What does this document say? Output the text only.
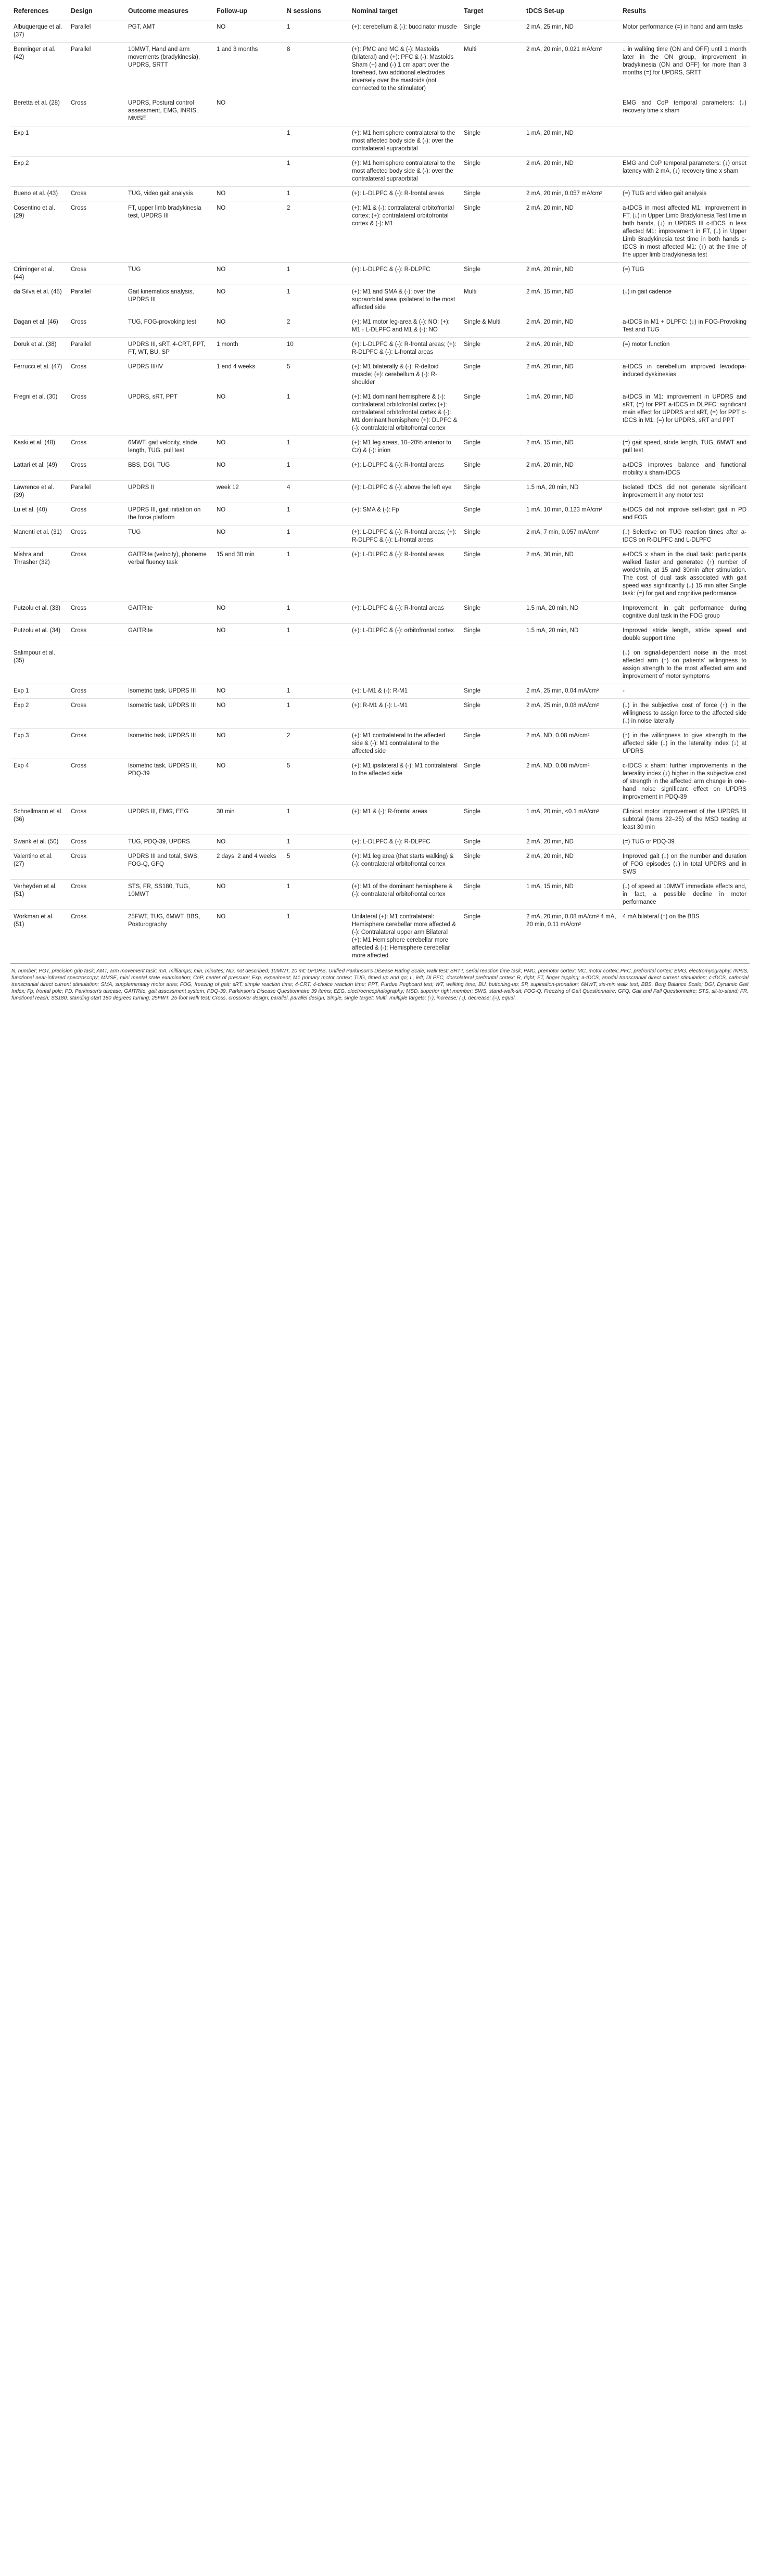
References	Design	Outcome measures	Follow-up	N sessions	Nominal target	Target	tDCS Set-up	Results
Albuquerque et al. (37)	Parallel	PGT, AMT	NO	1	(+): cerebellum & (-): buccinator muscle	Single	2 mA, 25 min, ND	Motor performance (=) in hand and arm tasks
Benninger et al. (42)	Parallel	10MWT, Hand and arm movements (bradykinesia), UPDRS, SRTT	1 and 3 months	8	(+): PMC and MC & (-): Mastoids (bilateral) and (+): PFC & (-): Mastoids Sham (+) and (-) 1 cm apart over the forehead, two additional electrodes inversely over the mastoids (not connected to the stimulator)	Multi	2 mA, 20 min, 0.021 mA/cm²	↓ in walking time (ON and OFF) until 1 month later in the ON group, improvement in bradykinesia (ON and OFF) for more than 3 months (=) for UPDRS, SRTT
Beretta et al. (28)	Cross	UPDRS, Postural control assessment, EMG, INRIS, MMSE	NO					EMG and CoP temporal parameters: (↓) recovery time x sham
Exp 1				1	(+): M1 hemisphere contralateral to the most affected body side & (-): over the contralateral supraorbital	Single	1 mA, 20 min, ND	
Exp 2				1	(+): M1 hemisphere contralateral to the most affected body side & (-): over the contralateral supraorbital	Single	2 mA, 20 min, ND	EMG and CoP temporal parameters: (↓) onset latency with 2 mA, (↓) recovery time x sham
Bueno et al. (43)	Cross	TUG, video gait analysis	NO	1	(+): L-DLPFC & (-): R-frontal areas	Single	2 mA, 20 min, 0.057 mA/cm²	(=) TUG and video gait analysis
Cosentino et al. (29)	Cross	FT, upper limb bradykinesia test, UPDRS III	NO	2	(+): M1 & (-): contralateral orbitofrontal cortex; (+): contralateral orbitofrontal cortex & (-): M1	Single	2 mA, 20 min, ND	a-tDCS in most affected M1: improvement in FT, (↓) in Upper Limb Bradykinesia Test time in both hands, (↓) in UPDRS III c-tDCS in less affected M1: improvement in FT, (↓) in Upper Limb Bradykinesia test time in both hands c-tDCS in most affected M1: (↑) at the time of the upper limb bradykinesia test
Criminger et al. (44)	Cross	TUG	NO	1	(+): L-DLPFC & (-): R-DLPFC	Single	2 mA, 20 min, ND	(=) TUG
da Silva et al. (45)	Parallel	Gait kinematics analysis, UPDRS III	NO	1	(+): M1 and SMA & (-): over the supraorbital area ipsilateral to the most affected side	Multi	2 mA, 15 min, ND	(↓) in gait cadence
Dagan et al. (46)	Cross	TUG, FOG-provoking test	NO	2	(+): M1 motor leg-area & (-): NO; (+): M1 - L-DLPFC and M1 & (-): NO	Single & Multi	2 mA, 20 min, ND	a-tDCS in M1 + DLPFC: (↓) in FOG-Provoking Test and TUG
Doruk et al. (38)	Parallel	UPDRS III, sRT, 4-CRT, PPT, FT, WT, BU, SP	1 month	10	(+): L-DLPFC & (-): R-frontal areas; (+): R-DLPFC & (-): L-frontal areas	Single	2 mA, 20 min, ND	(=) motor function
Ferrucci et al. (47)	Cross	UPDRS III/IV	1 end 4 weeks	5	(+): M1 bilaterally & (-): R-deltoid muscle; (+): cerebellum & (-): R-shoulder	Single	2 mA, 20 min, ND	a-tDCS in cerebellum improved levodopa-induced dyskinesias
Fregni et al. (30)	Cross	UPDRS, sRT, PPT	NO	1	(+): M1 dominant hemisphere & (-): contralateral orbitofrontal cortex (+): contralateral orbitofrontal cortex & (-): M1 dominant hemisphere (+): DLPFC & (-): contralateral orbitofrontal cortex	Single	1 mA, 20 min, ND	a-tDCS in M1: improvement in UPDRS and sRT, (=) for PPT a-tDCS in DLPFC: significant main effect for UPDRS and sRT, (=) for PPT c-tDCS in M1: (=) for UPDRS, sRT and PPT
Kaski et al. (48)	Cross	6MWT, gait velocity, stride length, TUG, pull test	NO	1	(+): M1 leg areas, 10–20% anterior to Cz) & (-): inion	Single	2 mA, 15 min, ND	(=) gait speed, stride length, TUG, 6MWT and pull test
Lattari et al. (49)	Cross	BBS, DGI, TUG	NO	1	(+): L-DLPFC & (-): R-frontal areas	Single	2 mA, 20 min, ND	a-tDCS improves balance and functional mobility x sham-tDCS
Lawrence et al. (39)	Parallel	UPDRS II	week 12	4	(+): L-DLPFC & (-): above the left eye	Single	1.5 mA, 20 min, ND	Isolated tDCS did not generate significant improvement in any motor test
Lu et al. (40)	Cross	UPDRS III, gait initiation on the force platform	NO	1	(+): SMA & (-): Fp	Single	1 mA, 10 min, 0.123 mA/cm²	a-tDCS did not improve self-start gait in PD and FOG
Manenti et al. (31)	Cross	TUG	NO	1	(+): L-DLPFC & (-): R-frontal areas; (+): R-DLPFC & (-): L-frontal areas	Single	2 mA, 7 min, 0.057 mA/cm²	(↓) Selective on TUG reaction times after a-tDCS on R-DLPFC and L-DLPFC
Mishra and Thrasher (32)	Cross	GAITRite (velocity), phoneme verbal fluency task	15 and 30 min	1	(+): L-DLPFC & (-): R-frontal areas	Single	2 mA, 30 min, ND	a-tDCS x sham in the dual task: participants walked faster and generated (↑) number of words/min, at 15 and 30min after stimulation. The cost of dual task associated with gait speed was significantly (↓) 15 min after Single task: (=) for gait and cognitive performance
Putzolu et al. (33)	Cross	GAITRite	NO	1	(+): L-DLPFC & (-): R-frontal areas	Single	1.5 mA, 20 min, ND	Improvement in gait performance during cognitive dual task in the FOG group
Putzolu et al. (34)	Cross	GAITRite	NO	1	(+): L-DLPFC & (-): orbitofrontal cortex	Single	1.5 mA, 20 min, ND	Improved stride length, stride speed and double support time
Salimpour et al. (35)								(↓) on signal-dependent noise in the most affected arm (↑) on patients' willingness to assign strength to the most affected arm and improvement of motor symptoms
Exp 1	Cross	Isometric task, UPDRS III	NO	1	(+): L-M1 & (-): R-M1	Single	2 mA, 25 min, 0.04 mA/cm²	-
Exp 2	Cross	Isometric task, UPDRS III	NO	1	(+): R-M1 & (-): L-M1	Single	2 mA, 25 min, 0.08 mA/cm²	(↓) in the subjective cost of force (↑) in the willingness to assign force to the affected side (↓) in noise laterally
Exp 3	Cross	Isometric task, UPDRS III	NO	2	(+): M1 contralateral to the affected side & (-): M1 contralateral to the affected side	Single	2 mA, ND, 0.08 mA/cm²	(↑) in the willingness to give strength to the affected side (↓) in the laterality index (↓) at UPDRS
Exp 4	Cross	Isometric task, UPDRS III, PDQ-39	NO	5	(+): M1 ipsilateral & (-): M1 contralateral to the affected side	Single	2 mA, ND, 0.08 mA/cm²	c-tDCS x sham: further improvements in the laterality index (↓) higher in the subjective cost of strength in the affected arm change in one-hand noise significant effect on UPDRS improvement in PDQ-39
Schoellmann et al. (36)	Cross	UPDRS III, EMG, EEG	30 min	1	(+): M1 & (-): R-frontal areas	Single	1 mA, 20 min, <0.1 mA/cm²	Clinical motor improvement of the UPDRS III subtotal (items 22–25) of the MSD testing at least 30 min
Swank et al. (50)	Cross	TUG, PDQ-39, UPDRS	NO	1	(+): L-DLPFC & (-): R-DLPFC	Single	2 mA, 20 min, ND	(=) TUG or PDQ-39
Valentino et al. (27)	Cross	UPDRS III and total, SWS, FOG-Q, GFQ	2 days, 2 and 4 weeks	5	(+): M1 leg area (that starts walking) & (-): contralateral orbitofrontal cortex	Single	2 mA, 20 min, ND	Improved gait (↓) on the number and duration of FOG episodes (↓) in total UPDRS and in SWS
Verheyden et al. (51)	Cross	STS, FR, SS180, TUG, 10MWT	NO	1	(+): M1 of the dominant hemisphere & (-): contralateral orbitofrontal cortex	Single	1 mA, 15 min, ND	(↓) of speed at 10MWT immediate effects and, in fact, a possible decline in motor performance
Workman et al. (51)	Cross	25FWT, TUG, 6MWT, BBS, Posturography	NO	1	Unilateral (+): M1 contralateral: Hemisphere cerebellar more affected & (-): Contralateral upper arm Bilateral (+): M1 Hemisphere cerebellar more affected & (-): Hemisphere cerebellar more affected	Single	2 mA, 20 min, 0.08 mA/cm² 4 mA, 20 min, 0.11 mA/cm²	4 mA bilateral (↑) on the BBS
N, number; PGT, precision grip task; AMT, arm movement task; mA, milliamps; min, minutes; ND, not described; 10MWT, 10 mt; UPDRS, Unified Parkinson's Disease Rating Scale; walk test; SRTT, serial reaction time task; PMC, premotor cortex; MC, motor cortex; PFC, prefrontal cortex; EMG, electromyography; INRIS, functional near-infrared spectroscopy; MMSE, mini mental state examination; CoP, center of pressure; Exp, experiment; M1 primary motor cortex; TUG, timed up and go; L, left; DLPFC, dorsolateral prefrontal cortex; R, right; FT, finger tapping; a-tDCS, anodal transcranial direct current stimulation; c-tDCS, cathodal transcranial direct current stimulation; SMA, supplementary motor area; FOG, freezing of gait; sRT, simple reaction time; 4-CRT, 4-choice reaction time; PPT, Purdue Pegboard test; WT, walking time; BU, buttoning-up; SP, supination-pronation; 6MWT, six-min walk test; BBS, Berg Balance Scale; DGI, Dynamic Gait Index; Fp, frontal pole; PD, Parkinson's disease; GAITRite, gait assessment system; PDQ-39, Parkinson's Disease Questionnaire 39 items; EEG, electroencephalography; MSD, superior right member; SWS, stand-walk-sit; FOG-Q, Freezing of Gait Questionnaire; GFQ, Gait and Fall Questionnaire; STS, sit-to-stand; FR, functional reach; SS180, standing-start 180 degrees turning; 25FWT, 25-foot walk test; Cross, crossover design; parallel, parallel design; Single, single target; Multi, multiple targets; (↑), increase; (↓), decrease; (=), equal.
